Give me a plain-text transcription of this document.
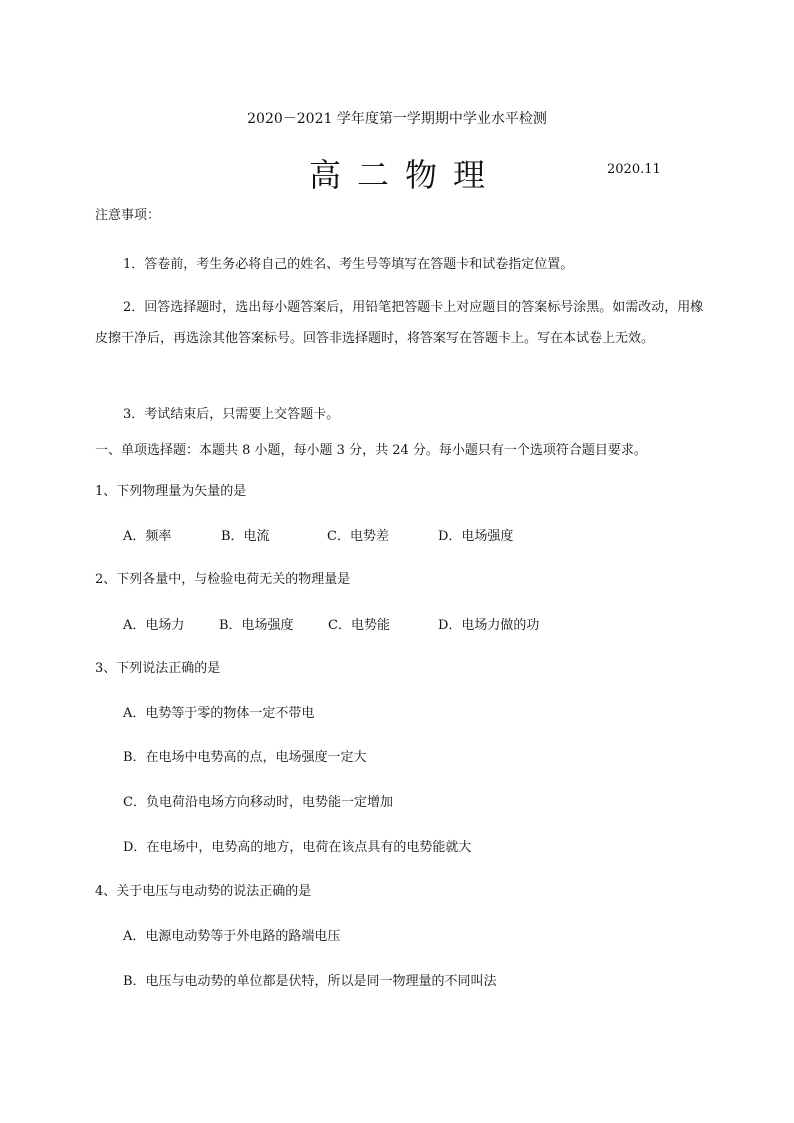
2020－2021 学年度第一学期期中学业水平检测
高二物理	2020.11
注意事项：
1．答卷前，考生务必将自己的姓名、考生号等填写在答题卡和试卷指定位置。
2．回答选择题时，选出每小题答案后，用铅笔把答题卡上对应题目的答案标号涂黑。如需改动，用橡皮擦干净后，再选涂其他答案标号。回答非选择题时，将答案写在答题卡上。写在本试卷上无效。
3．考试结束后，只需要上交答题卡。
一、单项选择题：本题共 8 小题，每小题 3 分，共 24 分。每小题只有一个选项符合题目要求。
1、下列物理量为矢量的是
A．频率	B．电流	C．电势差	D．电场强度
2、下列各量中，与检验电荷无关的物理量是
A．电场力	B．电场强度	C．电势能	D．电场力做的功
3、下列说法正确的是
A．电势等于零的物体一定不带电
B．在电场中电势高的点，电场强度一定大
C．负电荷沿电场方向移动时，电势能一定增加
D．在电场中，电势高的地方，电荷在该点具有的电势能就大
4、关于电压与电动势的说法正确的是
A．电源电动势等于外电路的路端电压
B．电压与电动势的单位都是伏特，所以是同一物理量的不同叫法
